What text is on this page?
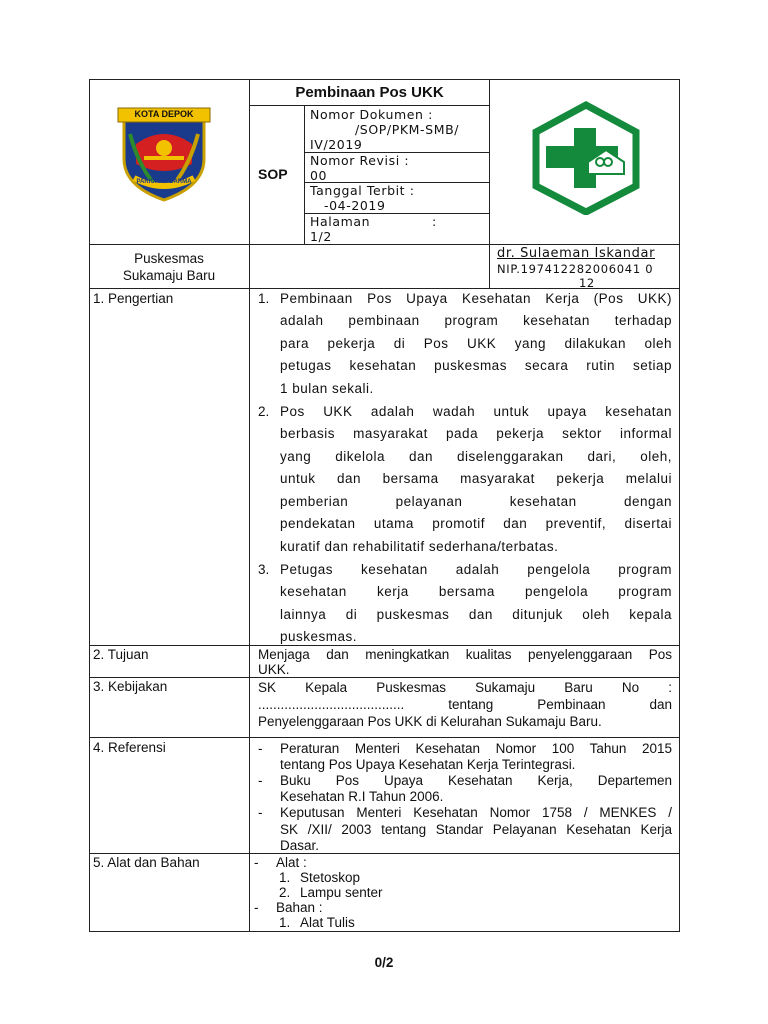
KOTA DEPOK
PARICARA DARMA
Pembinaan Pos UKK
SOP
Nomor Dokumen :
/SOP/PKM-SMB/
IV/2019
Nomor Revisi :
00
Tanggal Terbit :
-04-2019
Halaman	:
1/2
Puskesmas
Sukamaju Baru
dr. Sulaeman Iskandar
NIP.197412282006041 0
12
1. Pengertian	1. Pembinaan Pos Upaya Kesehatan Kerja (Pos UKK)
adalah pembinaan program kesehatan terhadap
para pekerja di Pos UKK yang dilakukan oleh
petugas kesehatan puskesmas secara rutin setiap
1 bulan sekali.
2. Pos UKK adalah wadah untuk upaya kesehatan
berbasis masyarakat pada pekerja sektor informal
yang dikelola dan diselenggarakan dari, oleh,
untuk dan bersama masyarakat pekerja melalui
pemberian pelayanan kesehatan dengan
pendekatan utama promotif dan preventif, disertai
kuratif dan rehabilitatif sederhana/terbatas.
3. Petugas kesehatan adalah pengelola program
kesehatan kerja bersama pengelola program
lainnya di puskesmas dan ditunjuk oleh kepala
puskesmas.
2. Tujuan	Menjaga dan meningkatkan kualitas penyelenggaraan Pos
UKK.
3. Kebijakan	SK Kepala Puskesmas Sukamaju Baru No :
....................................... tentang Pembinaan dan
Penyelenggaraan Pos UKK di Kelurahan Sukamaju Baru.
4. Referensi	- Peraturan Menteri Kesehatan Nomor 100 Tahun 2015
tentang Pos Upaya Kesehatan Kerja Terintegrasi.
- Buku Pos Upaya Kesehatan Kerja, Departemen
Kesehatan R.I Tahun 2006.
- Keputusan Menteri Kesehatan Nomor 1758 / MENKES /
SK /XII/ 2003 tentang Standar Pelayanan Kesehatan Kerja
Dasar.
5. Alat dan Bahan	- Alat :
1. Stetoskop
2. Lampu senter
- Bahan :
1. Alat Tulis
0/2
